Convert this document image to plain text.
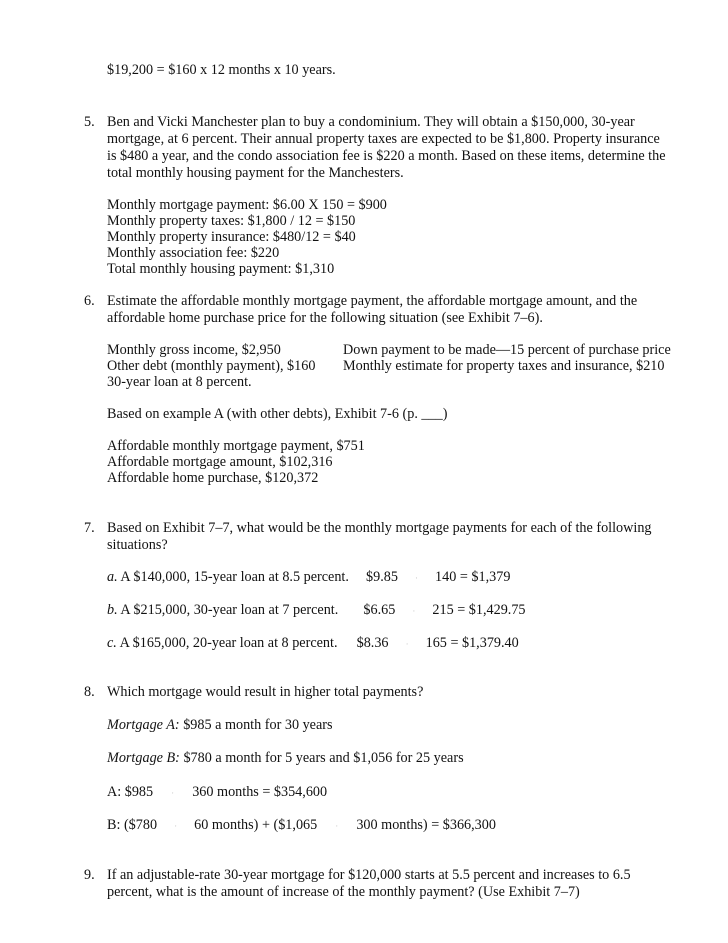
$19,200 = $160 x 12 months x 10 years.
5. Ben and Vicki Manchester plan to buy a condominium. They will obtain a $150,000, 30-year
mortgage, at 6 percent. Their annual property taxes are expected to be $1,800. Property insurance
is $480 a year, and the condo association fee is $220 a month. Based on these items, determine the
total monthly housing payment for the Manchesters.
Monthly mortgage payment: $6.00 X 150 = $900
Monthly property taxes: $1,800 / 12 = $150
Monthly property insurance: $480/12 = $40
Monthly association fee: $220
Total monthly housing payment: $1,310
6. Estimate the affordable monthly mortgage payment, the affordable mortgage amount, and the
affordable home purchase price for the following situation (see Exhibit 7–6).
Monthly gross income, $2,950
Other debt (monthly payment), $160
30-year loan at 8 percent.
Down payment to be made—15 percent of purchase price
Monthly estimate for property taxes and insurance, $210
Based on example A (with other debts), Exhibit 7-6 (p. ___)
Affordable monthly mortgage payment, $751
Affordable mortgage amount, $102,316
Affordable home purchase, $120,372
7. Based on Exhibit 7–7, what would be the monthly mortgage payments for each of the following
situations?
a. A $140,000, 15-year loan at 8.5 percent. $9.85 · 140 = $1,379
b. A $215,000, 30-year loan at 7 percent. $6.65 · 215 = $1,429.75
c. A $165,000, 20-year loan at 8 percent. $8.36 · 165 = $1,379.40
8. Which mortgage would result in higher total payments?
Mortgage A: $985 a month for 30 years
Mortgage B: $780 a month for 5 years and $1,056 for 25 years
A: $985 · 360 months = $354,600
B: ($780 · 60 months) + ($1,065 · 300 months) = $366,300
9. If an adjustable-rate 30-year mortgage for $120,000 starts at 5.5 percent and increases to 6.5
percent, what is the amount of increase of the monthly payment? (Use Exhibit 7–7)
